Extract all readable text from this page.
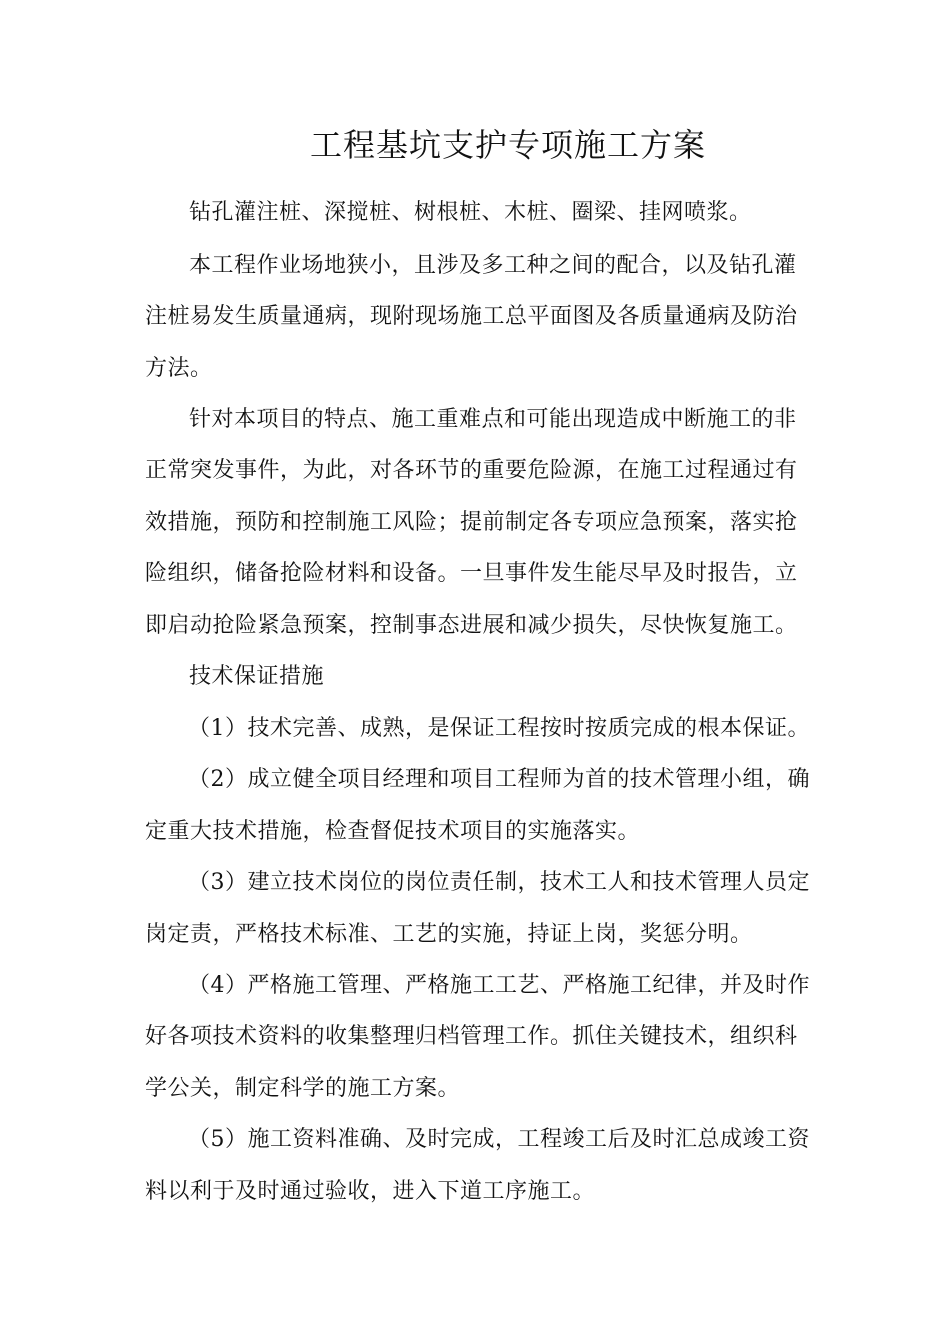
工程基坑支护专项施工方案
钻孔灌注桩、深搅桩、树根桩、木桩、圈梁、挂网喷浆。
本工程作业场地狭小，且涉及多工种之间的配合，以及钻孔灌
注桩易发生质量通病，现附现场施工总平面图及各质量通病及防治
方法。
针对本项目的特点、施工重难点和可能出现造成中断施工的非
正常突发事件，为此，对各环节的重要危险源，在施工过程通过有
效措施，预防和控制施工风险；提前制定各专项应急预案，落实抢
险组织，储备抢险材料和设备。一旦事件发生能尽早及时报告，立
即启动抢险紧急预案，控制事态进展和减少损失，尽快恢复施工。
技术保证措施
（1）技术完善、成熟，是保证工程按时按质完成的根本保证。
（2）成立健全项目经理和项目工程师为首的技术管理小组，确
定重大技术措施，检查督促技术项目的实施落实。
（3）建立技术岗位的岗位责任制，技术工人和技术管理人员定
岗定责，严格技术标准、工艺的实施，持证上岗，奖惩分明。
（4）严格施工管理、严格施工工艺、严格施工纪律，并及时作
好各项技术资料的收集整理归档管理工作。抓住关键技术，组织科
学公关，制定科学的施工方案。
（5）施工资料准确、及时完成，工程竣工后及时汇总成竣工资
料以利于及时通过验收，进入下道工序施工。
